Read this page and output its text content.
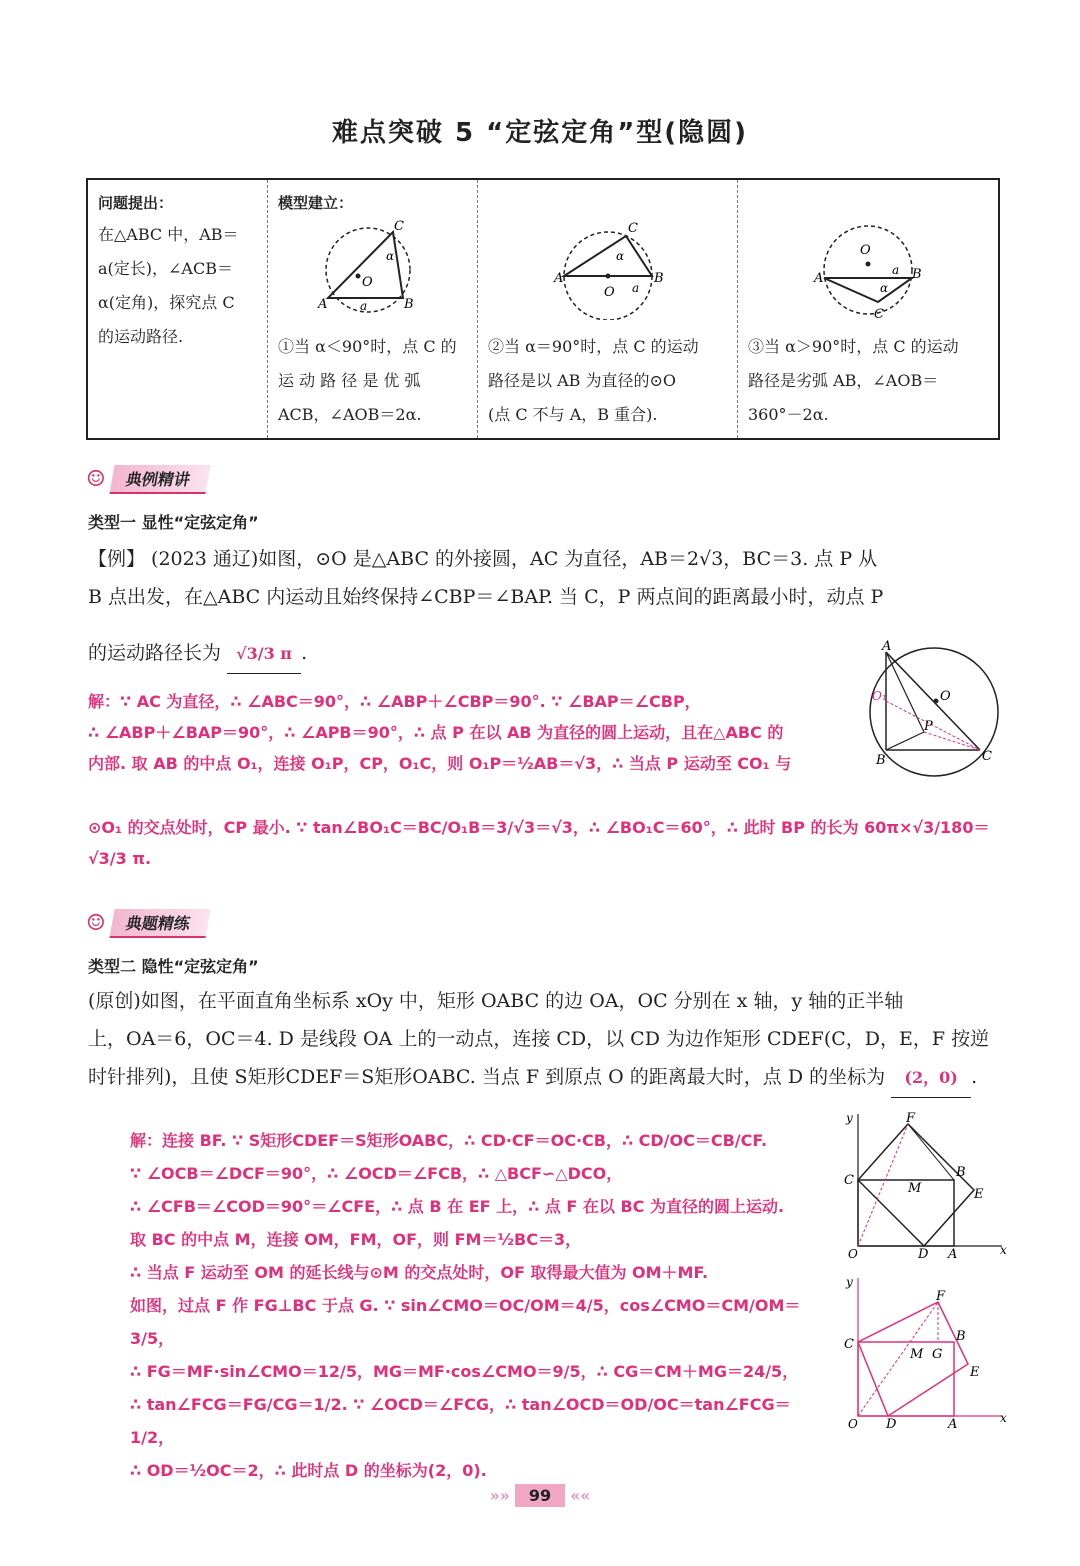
难点突破 5 “定弦定角”型(隐圆)
问题提出：
在△ABC 中，AB＝
a(定长)，∠ACB＝
α(定角)，探究点 C
的运动路径.
模型建立：
O
A	B
C
α
a
①当 α＜90°时，点 C 的
运 动 路 径 是 优 弧
ACB，∠AOB＝2α.
A	B
C
O
α
a
②当 α＝90°时，点 C 的运动
路径是以 AB 为直径的⊙O
(点 C 不与 A，B 重合).
O
A	B
C
α
a
③当 α＞90°时，点 C 的运动
路径是劣弧 AB，∠AOB＝
360°－2α.
☺	典例精讲
类型一 显性“定弦定角”
【例】 (2023 通辽)如图，⊙O 是△ABC 的外接圆，AC 为直径，AB＝2√3，BC＝3. 点 P 从
B 点出发，在△ABC 内运动且始终保持∠CBP＝∠BAP. 当 C，P 两点间的距离最小时，动点 P
的运动路径长为 √3/3 π .	A
B	C
O
P
O₁
解：∵ AC 为直径，∴ ∠ABC＝90°，∴ ∠ABP＋∠CBP＝90°. ∵ ∠BAP＝∠CBP，
∴ ∠ABP＋∠BAP＝90°，∴ ∠APB＝90°，∴ 点 P 在以 AB 为直径的圆上运动，且在△ABC 的
内部. 取 AB 的中点 O₁，连接 O₁P，CP，O₁C，则 O₁P＝½AB＝√3，∴ 当点 P 运动至 CO₁ 与
⊙O₁ 的交点处时，CP 最小. ∵ tan∠BO₁C＝BC/O₁B＝3/√3＝√3，∴ ∠BO₁C＝60°，∴ 此时 BP 的长为 60π×√3/180＝√3/3 π.
☺	典题精练
类型二 隐性“定弦定角”
(原创)如图，在平面直角坐标系 xOy 中，矩形 OABC 的边 OA，OC 分别在 x 轴，y 轴的正半轴
上，OA＝6，OC＝4. D 是线段 OA 上的一动点，连接 CD，以 CD 为边作矩形 CDEF(C，D，E，F 按逆
时针排列)，且使 S矩形CDEF＝S矩形OABC. 当点 F 到原点 O 的距离最大时，点 D 的坐标为 (2，0) .
解：连接 BF. ∵ S矩形CDEF＝S矩形OABC，∴ CD·CF＝OC·CB，∴ CD/OC＝CB/CF.
∵ ∠OCB＝∠DCF＝90°，∴ ∠OCD＝∠FCB，∴ △BCF∽△DCO，
∴ ∠CFB＝∠COD＝90°＝∠CFE，∴ 点 B 在 EF 上，∴ 点 F 在以 BC 为直径的圆上运动.
取 BC 的中点 M，连接 OM，FM，OF，则 FM＝½BC＝3，
∴ 当点 F 运动至 OM 的延长线与⊙M 的交点处时，OF 取得最大值为 OM＋MF.
如图，过点 F 作 FG⊥BC 于点 G. ∵ sin∠CMO＝OC/OM＝4/5，cos∠CMO＝CM/OM＝3/5，
∴ FG＝MF·sin∠CMO＝12/5，MG＝MF·cos∠CMO＝9/5，∴ CG＝CM＋MG＝24/5，
∴ tan∠FCG＝FG/CG＝1/2. ∵ ∠OCD＝∠FCG，∴ tan∠OCD＝OD/OC＝tan∠FCG＝1/2，
∴ OD＝½OC＝2，∴ 此时点 D 的坐标为(2，0).
y
x
O
C
B
E
F
D A
M
y
x
O
C
B
E
F
D	A
M G
»» 99 ««
